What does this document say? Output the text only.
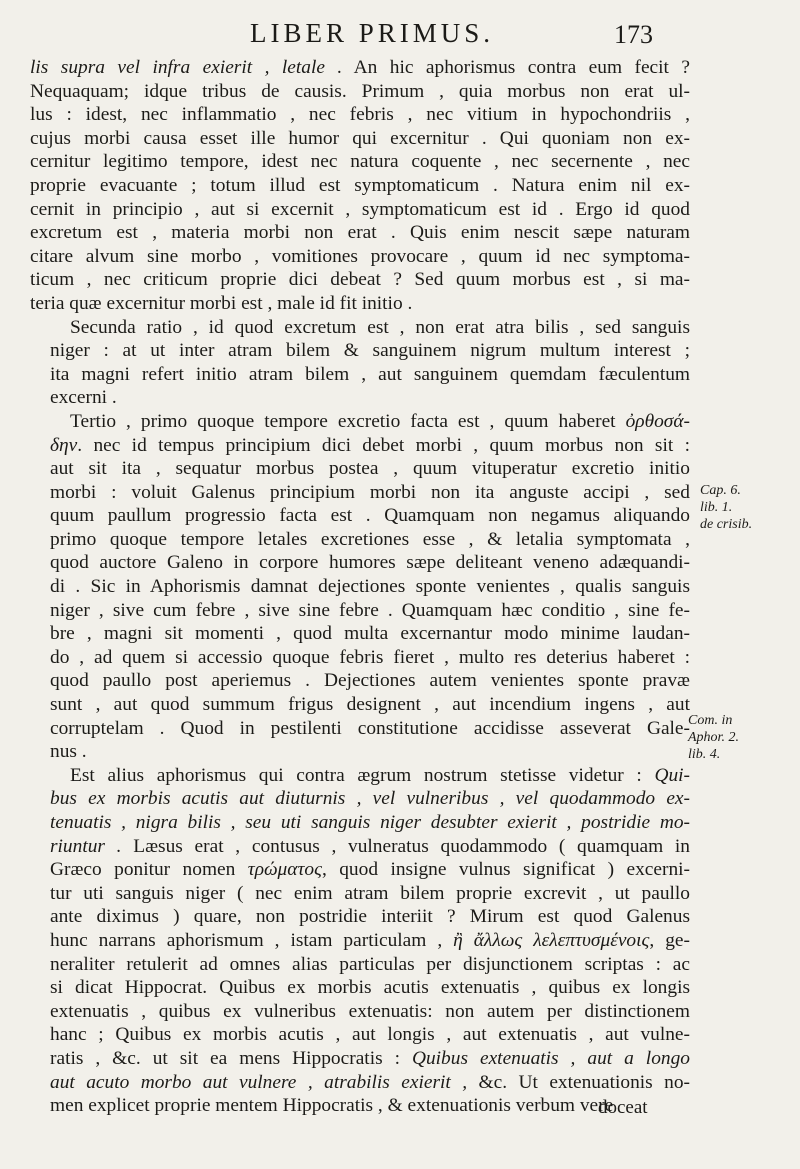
LIBER PRIMUS.	173

lis supra vel infra exierit , letale . An hic aphorismus contra eum fecit ?
Nequaquam; idque tribus de causis. Primum , quia morbus non erat ul-
lus : idest, nec inflammatio , nec febris , nec vitium in hypochondriis ,
cujus morbi causa esset ille humor qui excernitur . Qui quoniam non ex-
cernitur legitimo tempore, idest nec natura coquente , nec secernente , nec
proprie evacuante ; totum illud est symptomaticum . Natura enim nil ex-
cernit in principio , aut si excernit , symptomaticum est id . Ergo id quod
excretum est , materia morbi non erat . Quis enim nescit sæpe naturam
citare alvum sine morbo , vomitiones provocare , quum id nec symptoma-
ticum , nec criticum proprie dici debeat ? Sed quum morbus est , si ma-
teria quæ excernitur morbi est , male id fit initio .

Secunda ratio , id quod excretum est , non erat atra bilis , sed sanguis
niger : at ut inter atram bilem & sanguinem nigrum multum interest ;
ita magni refert initio atram bilem , aut sanguinem quemdam fæculentum
excerni .

Tertio , primo quoque tempore excretio facta est , quum haberet ὀρθοσά-
δην. nec id tempus principium dici debet morbi , quum morbus non sit :
aut sit ita , sequatur morbus postea , quum vituperatur excretio initio
morbi : voluit Galenus principium morbi non ita anguste accipi , sed
quum paullum progressio facta est . Quamquam non negamus aliquando
primo quoque tempore letales excretiones esse , & letalia symptomata ,
quod auctore Galeno in corpore humores sæpe deliteant veneno adæquandi-
di . Sic in Aphorismis damnat dejectiones sponte venientes , qualis sanguis
niger , sive cum febre , sive sine febre . Quamquam hæc conditio , sine fe-
bre , magni sit momenti , quod multa excernantur modo minime laudan-
do , ad quem si accessio quoque febris fieret , multo res deterius haberet :
quod paullo post aperiemus . Dejectiones autem venientes sponte pravæ
sunt , aut quod summum frigus designent , aut incendium ingens , aut
corruptelam . Quod in pestilenti constitutione accidisse asseverat Gale-
nus .

Est alius aphorismus qui contra ægrum nostrum stetisse videtur : Qui-
bus ex morbis acutis aut diuturnis , vel vulneribus , vel quodammodo ex-
tenuatis , nigra bilis , seu uti sanguis niger desubter exierit , postridie mo-
riuntur . Læsus erat , contusus , vulneratus quodammodo ( quamquam in
Græco ponitur nomen τρώματος, quod insigne vulnus significat ) excerni-
tur uti sanguis niger ( nec enim atram bilem proprie excrevit , ut paullo
ante diximus ) quare, non postridie interiit ? Mirum est quod Galenus
hunc narrans aphorismum , istam particulam , ἢ ἄλλως λελεπτυσμένοις, ge-
neraliter retulerit ad omnes alias particulas per disjunctionem scriptas : ac
si dicat Hippocrat. Quibus ex morbis acutis extenuatis , quibus ex longis
extenuatis , quibus ex vulneribus extenuatis: non autem per distinctionem
hanc ; Quibus ex morbis acutis , aut longis , aut extenuatis , aut vulne-
ratis , &c. ut sit ea mens Hippocratis : Quibus extenuatis , aut a longo
aut acuto morbo aut vulnere , atrabilis exierit , &c. Ut extenuationis no-
men explicet proprie mentem Hippocratis , & extenuationis verbum vere

Cap. 6.
lib. 1.
de crisib.
Com. in
Aphor. 2.
lib. 4.
doceat
